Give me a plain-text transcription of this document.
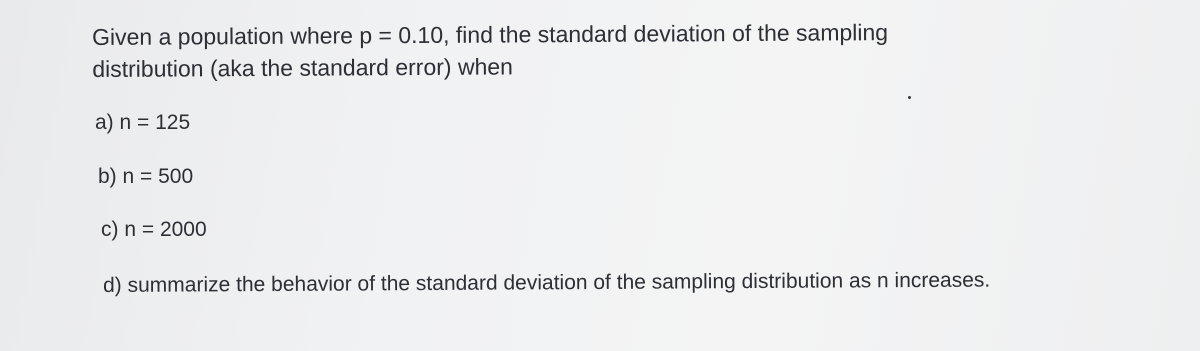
Given a population where p = 0.10, find the standard deviation of the sampling distribution (aka the standard error) when

a) n = 125

b) n = 500

c) n = 2000

d) summarize the behavior of the standard deviation of the sampling distribution as n increases.
